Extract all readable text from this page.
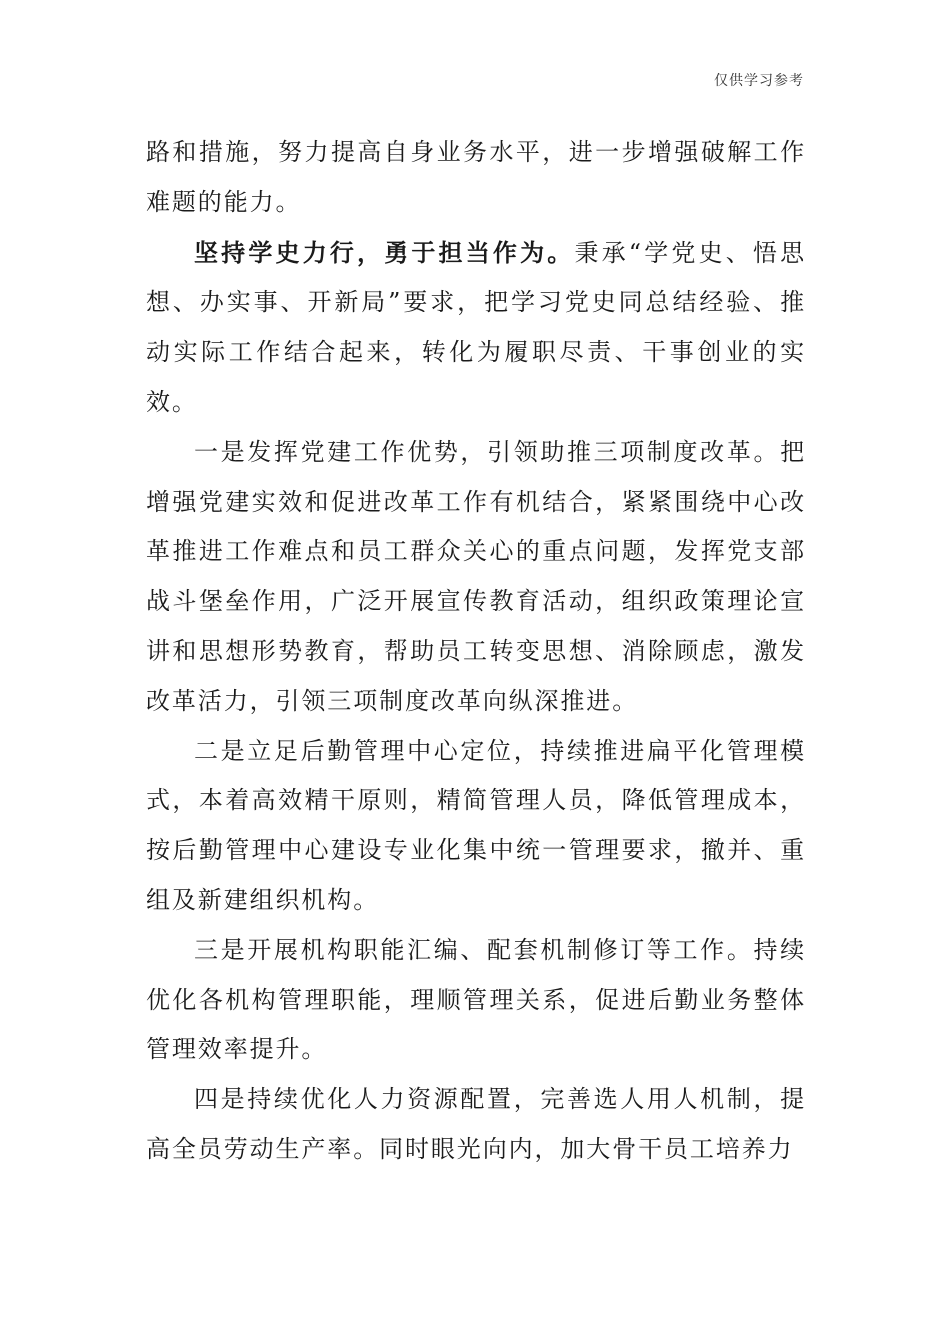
仅供学习参考

路和措施，努力提高自身业务水平，进一步增强破解工作难题的能力。

坚持学史力行，勇于担当作为。秉承“学党史、悟思想、办实事、开新局”要求，把学习党史同总结经验、推动实际工作结合起来，转化为履职尽责、干事创业的实效。

一是发挥党建工作优势，引领助推三项制度改革。把增强党建实效和促进改革工作有机结合，紧紧围绕中心改革推进工作难点和员工群众关心的重点问题，发挥党支部战斗堡垒作用，广泛开展宣传教育活动，组织政策理论宣讲和思想形势教育，帮助员工转变思想、消除顾虑，激发改革活力，引领三项制度改革向纵深推进。

二是立足后勤管理中心定位，持续推进扁平化管理模式，本着高效精干原则，精简管理人员，降低管理成本，按后勤管理中心建设专业化集中统一管理要求，撤并、重组及新建组织机构。

三是开展机构职能汇编、配套机制修订等工作。持续优化各机构管理职能，理顺管理关系，促进后勤业务整体管理效率提升。

四是持续优化人力资源配置，完善选人用人机制，提高全员劳动生产率。同时眼光向内，加大骨干员工培养力
